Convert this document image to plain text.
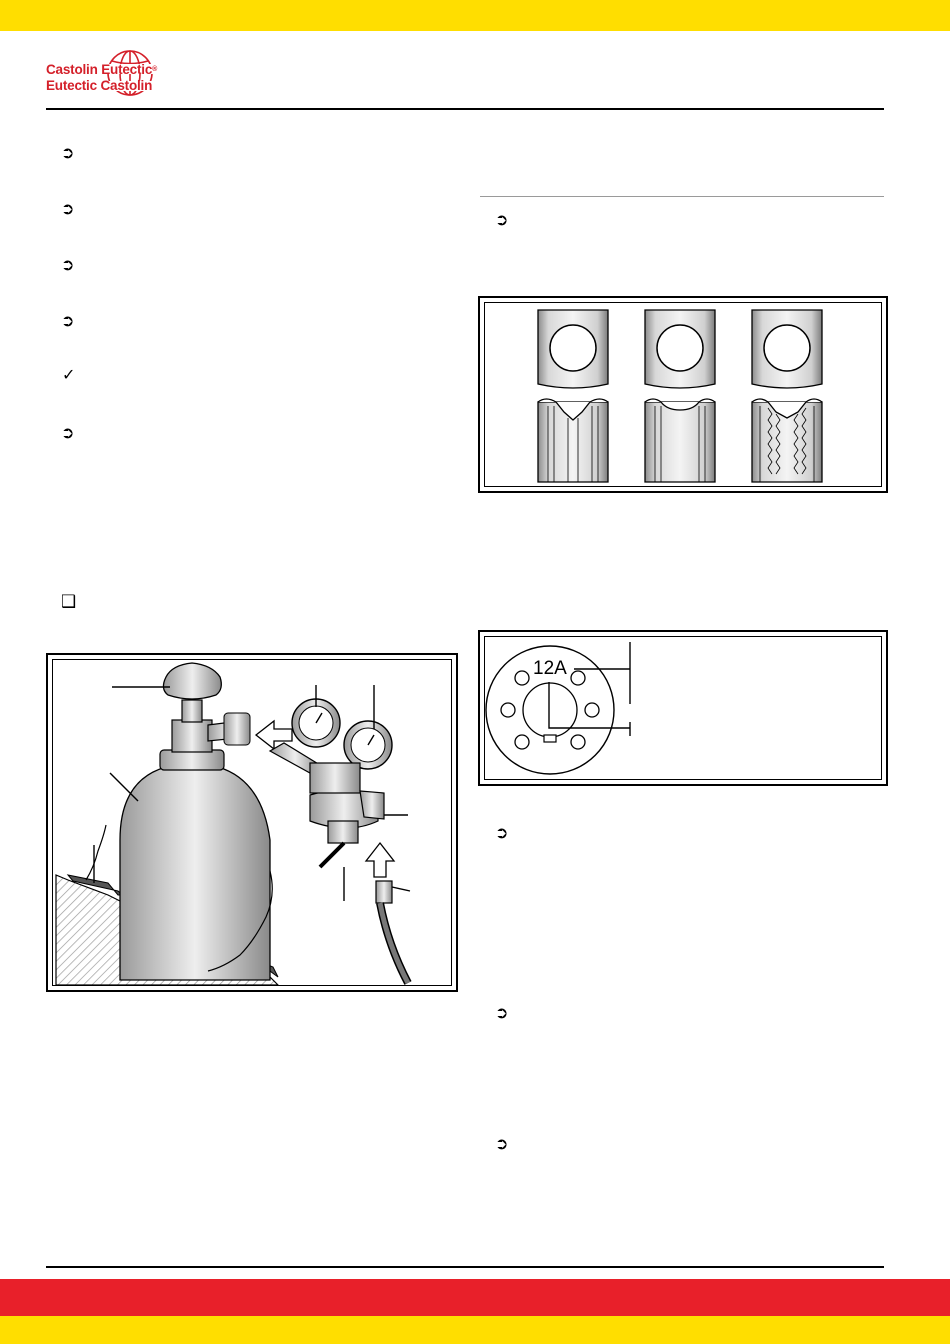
Castolin Eutectic®
Eutectic Castolin
➲
➲
➲
➲
✓
➲
❑
➲
➲
➲
➲
12A
